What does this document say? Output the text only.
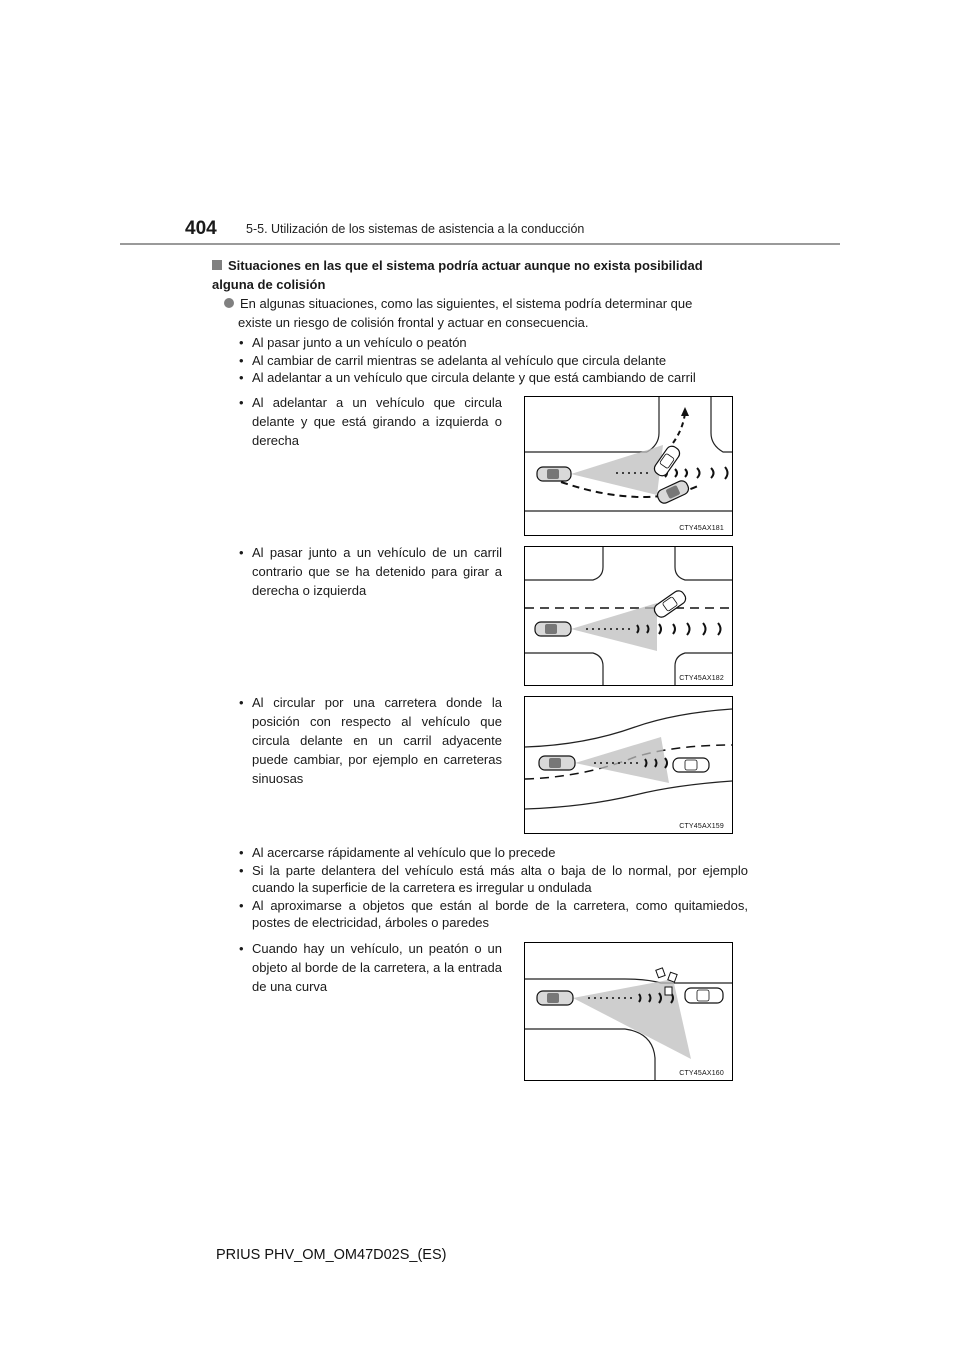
404 5-5. Utilización de los sistemas de asistencia a la conducción
Situaciones en las que el sistema podría actuar aunque no exista posibilidad
alguna de colisión
En algunas situaciones, como las siguientes, el sistema podría determinar que
existe un riesgo de colisión frontal y actuar en consecuencia.
• Al pasar junto a un vehículo o peatón
• Al cambiar de carril mientras se adelanta al vehículo que circula delante
• Al adelantar a un vehículo que circula delante y que está cambiando de carril
• Al adelantar a un vehículo que circula delante y que está girando a izquierda o derecha
CTY45AX181
• Al pasar junto a un vehículo de un carril contrario que se ha detenido para girar a derecha o izquierda
CTY45AX182
• Al circular por una carretera donde la posición con respecto al vehículo que circula delante en un carril adyacente puede cambiar, por ejemplo en carreteras sinuosas
CTY45AX159
• Al acercarse rápidamente al vehículo que lo precede
• Si la parte delantera del vehículo está más alta o baja de lo normal, por ejemplo cuando la superficie de la carretera es irregular u ondulada
• Al aproximarse a objetos que están al borde de la carretera, como quitamiedos, postes de electricidad, árboles o paredes
• Cuando hay un vehículo, un peatón o un objeto al borde de la carretera, a la entrada de una curva
CTY45AX160
PRIUS PHV_OM_OM47D02S_(ES)
